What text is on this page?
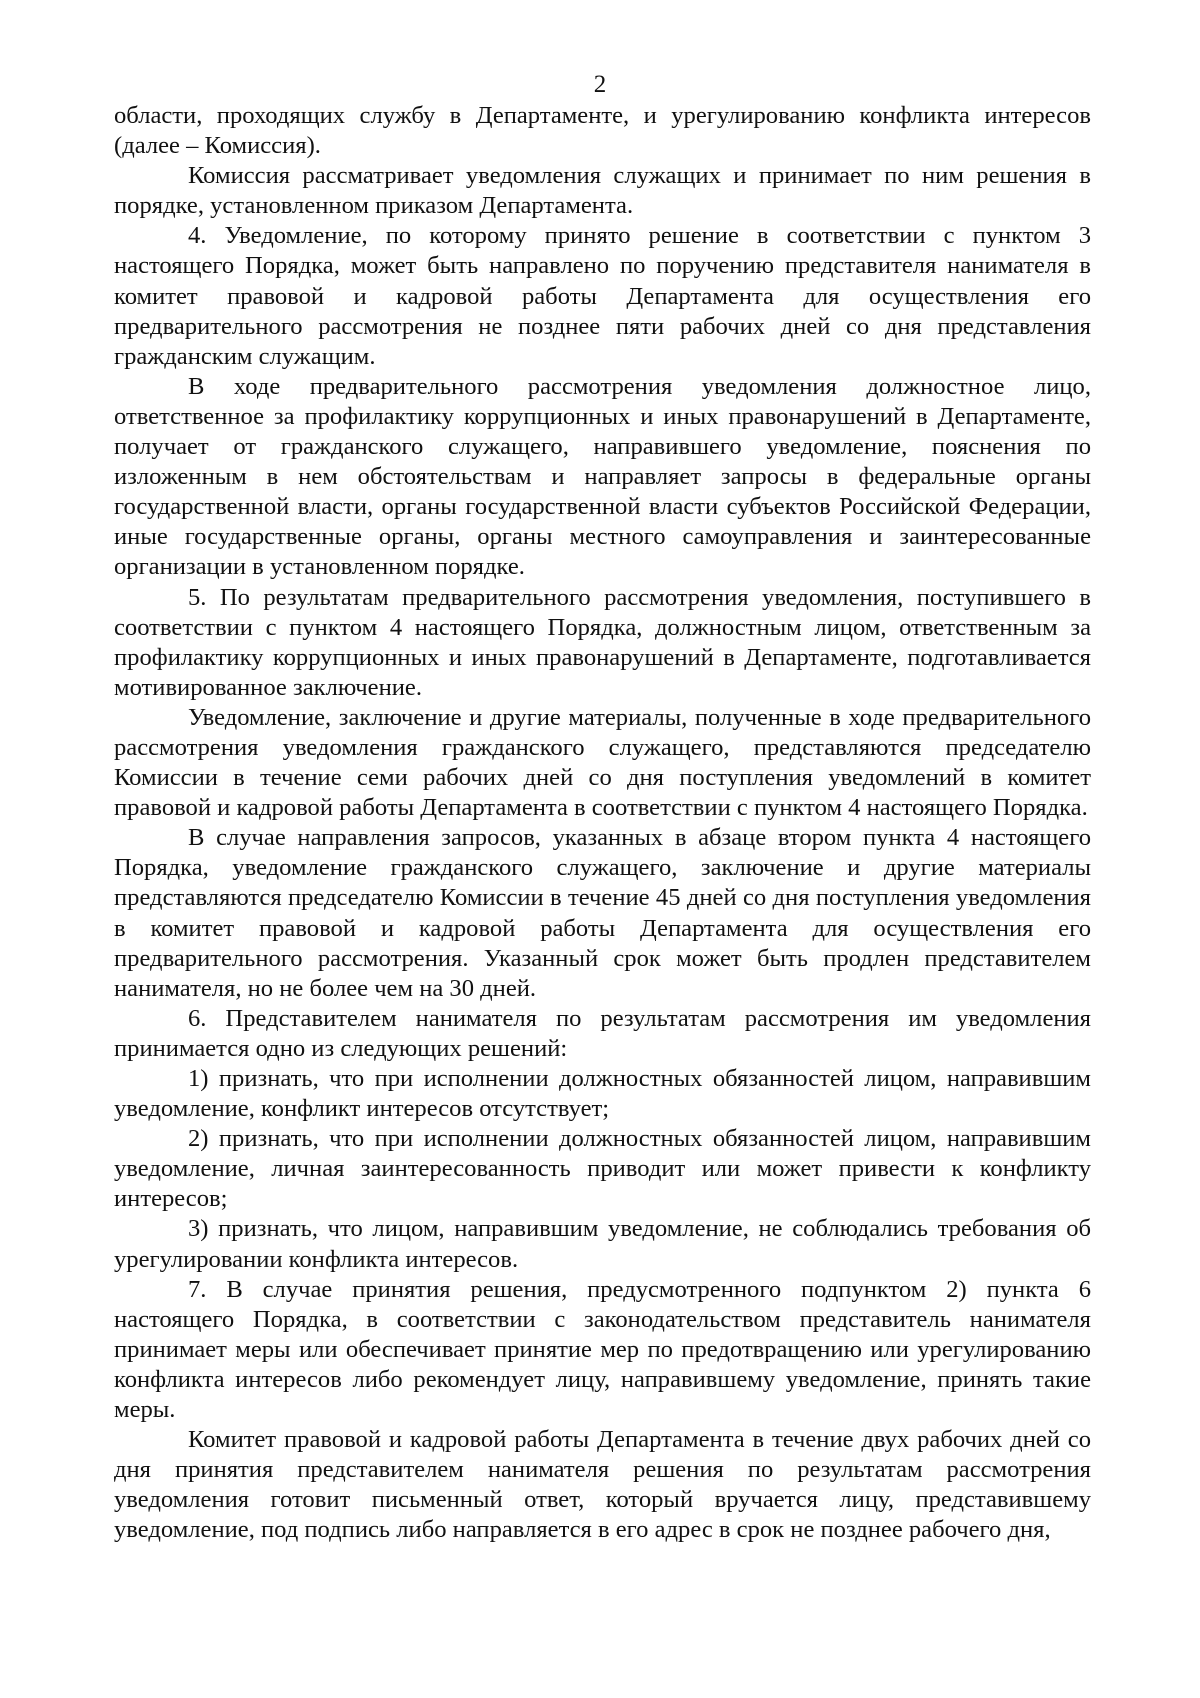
2

области, проходящих службу в Департаменте, и урегулированию конфликта интересов (далее – Комиссия).

Комиссия рассматривает уведомления служащих и принимает по ним решения в порядке, установленном приказом Департамента.

4. Уведомление, по которому принято решение в соответствии с пунктом 3 настоящего Порядка, может быть направлено по поручению представителя нанимателя в комитет правовой и кадровой работы Департамента для осуществления его предварительного рассмотрения не позднее пяти рабочих дней со дня представления гражданским служащим.

В ходе предварительного рассмотрения уведомления должностное лицо, ответственное за профилактику коррупционных и иных правонарушений в Департаменте, получает от гражданского служащего, направившего уведомление, пояснения по изложенным в нем обстоятельствам и направляет запросы в федеральные органы государственной власти, органы государственной власти субъектов Российской Федерации, иные государственные органы, органы местного самоуправления и заинтересованные организации в установленном порядке.

5. По результатам предварительного рассмотрения уведомления, поступившего в соответствии с пунктом 4 настоящего Порядка, должностным лицом, ответственным за профилактику коррупционных и иных правонарушений в Департаменте, подготавливается мотивированное заключение.

Уведомление, заключение и другие материалы, полученные в ходе предварительного рассмотрения уведомления гражданского служащего, представляются председателю Комиссии в течение семи рабочих дней со дня поступления уведомлений в комитет правовой и кадровой работы Департамента в соответствии с пунктом 4 настоящего Порядка.

В случае направления запросов, указанных в абзаце втором пункта 4 настоящего Порядка, уведомление гражданского служащего, заключение и другие материалы представляются председателю Комиссии в течение 45 дней со дня поступления уведомления в комитет правовой и кадровой работы Департамента для осуществления его предварительного рассмотрения. Указанный срок может быть продлен представителем нанимателя, но не более чем на 30 дней.

6. Представителем нанимателя по результатам рассмотрения им уведомления принимается одно из следующих решений:

1) признать, что при исполнении должностных обязанностей лицом, направившим уведомление, конфликт интересов отсутствует;

2) признать, что при исполнении должностных обязанностей лицом, направившим уведомление, личная заинтересованность приводит или может привести к конфликту интересов;

3) признать, что лицом, направившим уведомление, не соблюдались требования об урегулировании конфликта интересов.

7. В случае принятия решения, предусмотренного подпунктом 2) пункта 6 настоящего Порядка, в соответствии с законодательством представитель нанимателя принимает меры или обеспечивает принятие мер по предотвращению или урегулированию конфликта интересов либо рекомендует лицу, направившему уведомление, принять такие меры.

Комитет правовой и кадровой работы Департамента в течение двух рабочих дней со дня принятия представителем нанимателя решения по результатам рассмотрения уведомления готовит письменный ответ, который вручается лицу, представившему уведомление, под подпись либо направляется в его адрес в срок не позднее рабочего дня,
